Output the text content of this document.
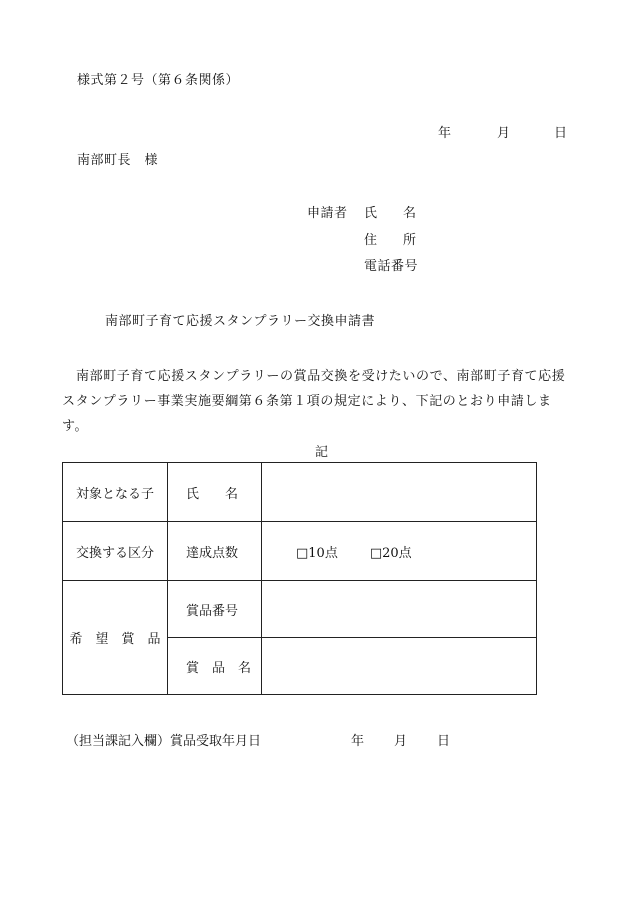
様式第２号（第６条関係）
年	月	日
南部町長　様
申請者 氏　　名
住　　所
電話番号
南部町子育て応援スタンプラリー交換申請書
南部町子育て応援スタンプラリーの賞品交換を受けたいので、南部町子育て応援スタンプラリー事業実施要綱第６条第１項の規定により、下記のとおり申請します。
記
対象となる子	氏　　名	
交換する区分	達成点数	□10点 □20点
希　望　賞　品	賞品番号	
	賞　品　名	
（担当課記入欄）賞品受取年月日	年 月 日
